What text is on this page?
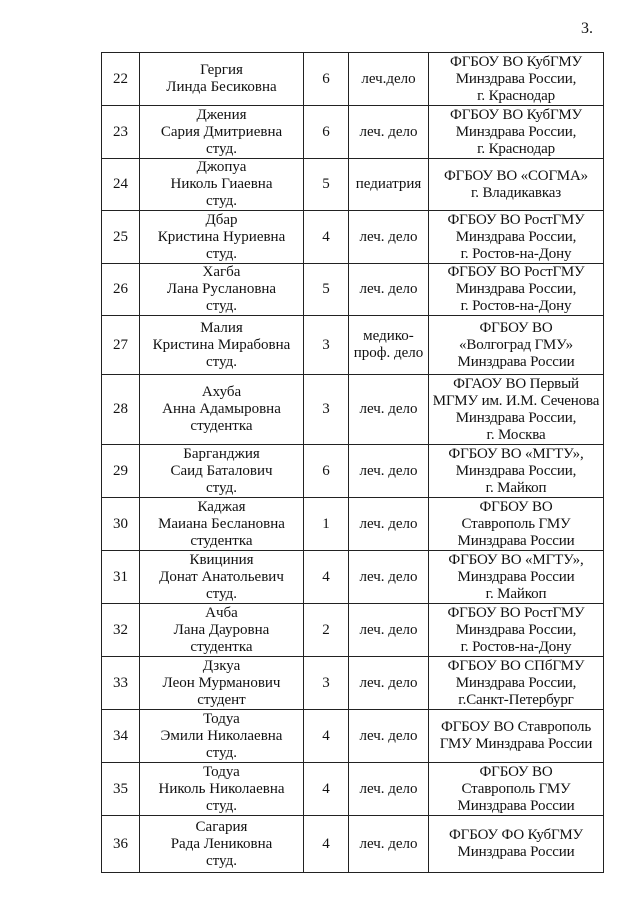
3.
22	Гергия
Линда Бесиковна	6	леч.дело	ФГБОУ ВО КубГМУ
Минздрава России,
г. Краснодар

23	Джения
Сария Дмитриевна
студ.	6	леч. дело	ФГБОУ ВО КубГМУ
Минздрава России,
г. Краснодар

24	Джопуа
Николь Гиаевна
студ.	5	педиатрия	ФГБОУ ВО «СОГМА»
г. Владикавказ

25	Дбар
Кристина Нуриевна
студ.	4	леч. дело	ФГБОУ ВО РостГМУ
Минздрава России,
г. Ростов-на-Дону

26	Хагба
Лана Руслановна
студ.	5	леч. дело	ФГБОУ ВО РостГМУ
Минздрава России,
г. Ростов-на-Дону

27	Малия
Кристина Мирабовна
студ.	3	медико-
проф. дело	ФГБОУ ВО
«Волгоград ГМУ»
Минздрава России

28	Ахуба
Анна Адамыровна
студентка	3	леч. дело	ФГАОУ ВО Первый
МГМУ им. И.М. Сеченова
Минздрава России,
г. Москва

29	Барганджия
Саид Баталович
студ.	6	леч. дело	ФГБОУ ВО «МГТУ»,
Минздрава России,
г. Майкоп

30	Каджая
Маиана Беслановна
студентка	1	леч. дело	ФГБОУ ВО
Ставрополь ГМУ
Минздрава России

31	Квициния
Донат Анатольевич
студ.	4	леч. дело	ФГБОУ ВО «МГТУ»,
Минздрава России
г. Майкоп

32	Ачба
Лана Дауровна
студентка	2	леч. дело	ФГБОУ ВО РостГМУ
Минздрава России,
г. Ростов-на-Дону

33	Дзкуа
Леон Мурманович
студент	3	леч. дело	ФГБОУ ВО СПбГМУ
Минздрава России,
г.Санкт-Петербург

34	Тодуа
Эмили Николаевна
студ.	4	леч. дело	ФГБОУ ВО Ставрополь
ГМУ Минздрава России

35	Тодуа
Николь Николаевна
студ.	4	леч. дело	ФГБОУ ВО
Ставрополь ГМУ
Минздрава России

36	Сагария
Рада Лениковна
студ.	4	леч. дело	ФГБОУ ФО КубГМУ
Минздрава России
